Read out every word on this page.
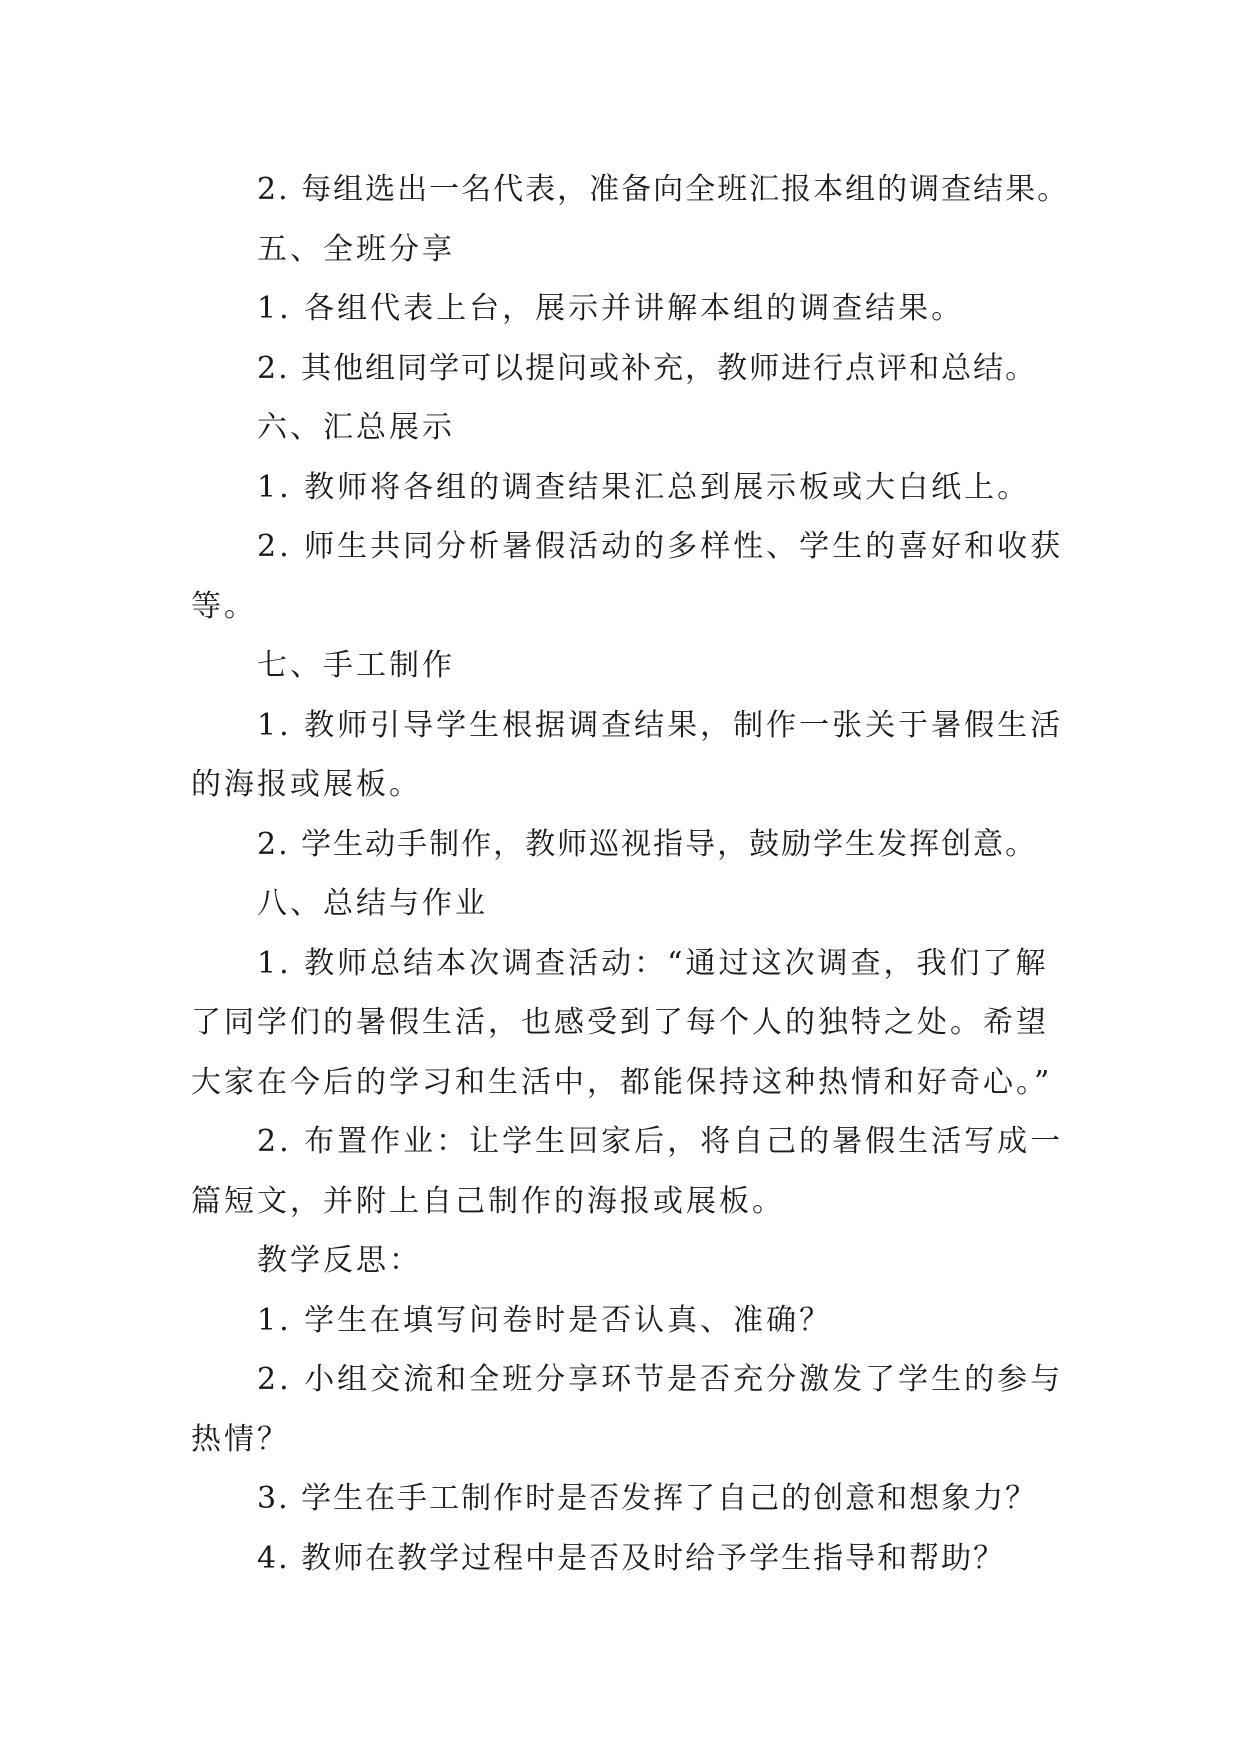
2. 每组选出一名代表，准备向全班汇报本组的调查结果。

五、全班分享

1. 各组代表上台，展示并讲解本组的调查结果。

2. 其他组同学可以提问或补充，教师进行点评和总结。

六、汇总展示

1. 教师将各组的调查结果汇总到展示板或大白纸上。

2. 师生共同分析暑假活动的多样性、学生的喜好和收获等。

七、手工制作

1. 教师引导学生根据调查结果，制作一张关于暑假生活的海报或展板。

2. 学生动手制作，教师巡视指导，鼓励学生发挥创意。

八、总结与作业

1. 教师总结本次调查活动：“通过这次调查，我们了解了同学们的暑假生活，也感受到了每个人的独特之处。希望大家在今后的学习和生活中，都能保持这种热情和好奇心。”

2. 布置作业：让学生回家后，将自己的暑假生活写成一篇短文，并附上自己制作的海报或展板。

教学反思：

1. 学生在填写问卷时是否认真、准确？

2. 小组交流和全班分享环节是否充分激发了学生的参与热情？

3. 学生在手工制作时是否发挥了自己的创意和想象力？

4. 教师在教学过程中是否及时给予学生指导和帮助？
